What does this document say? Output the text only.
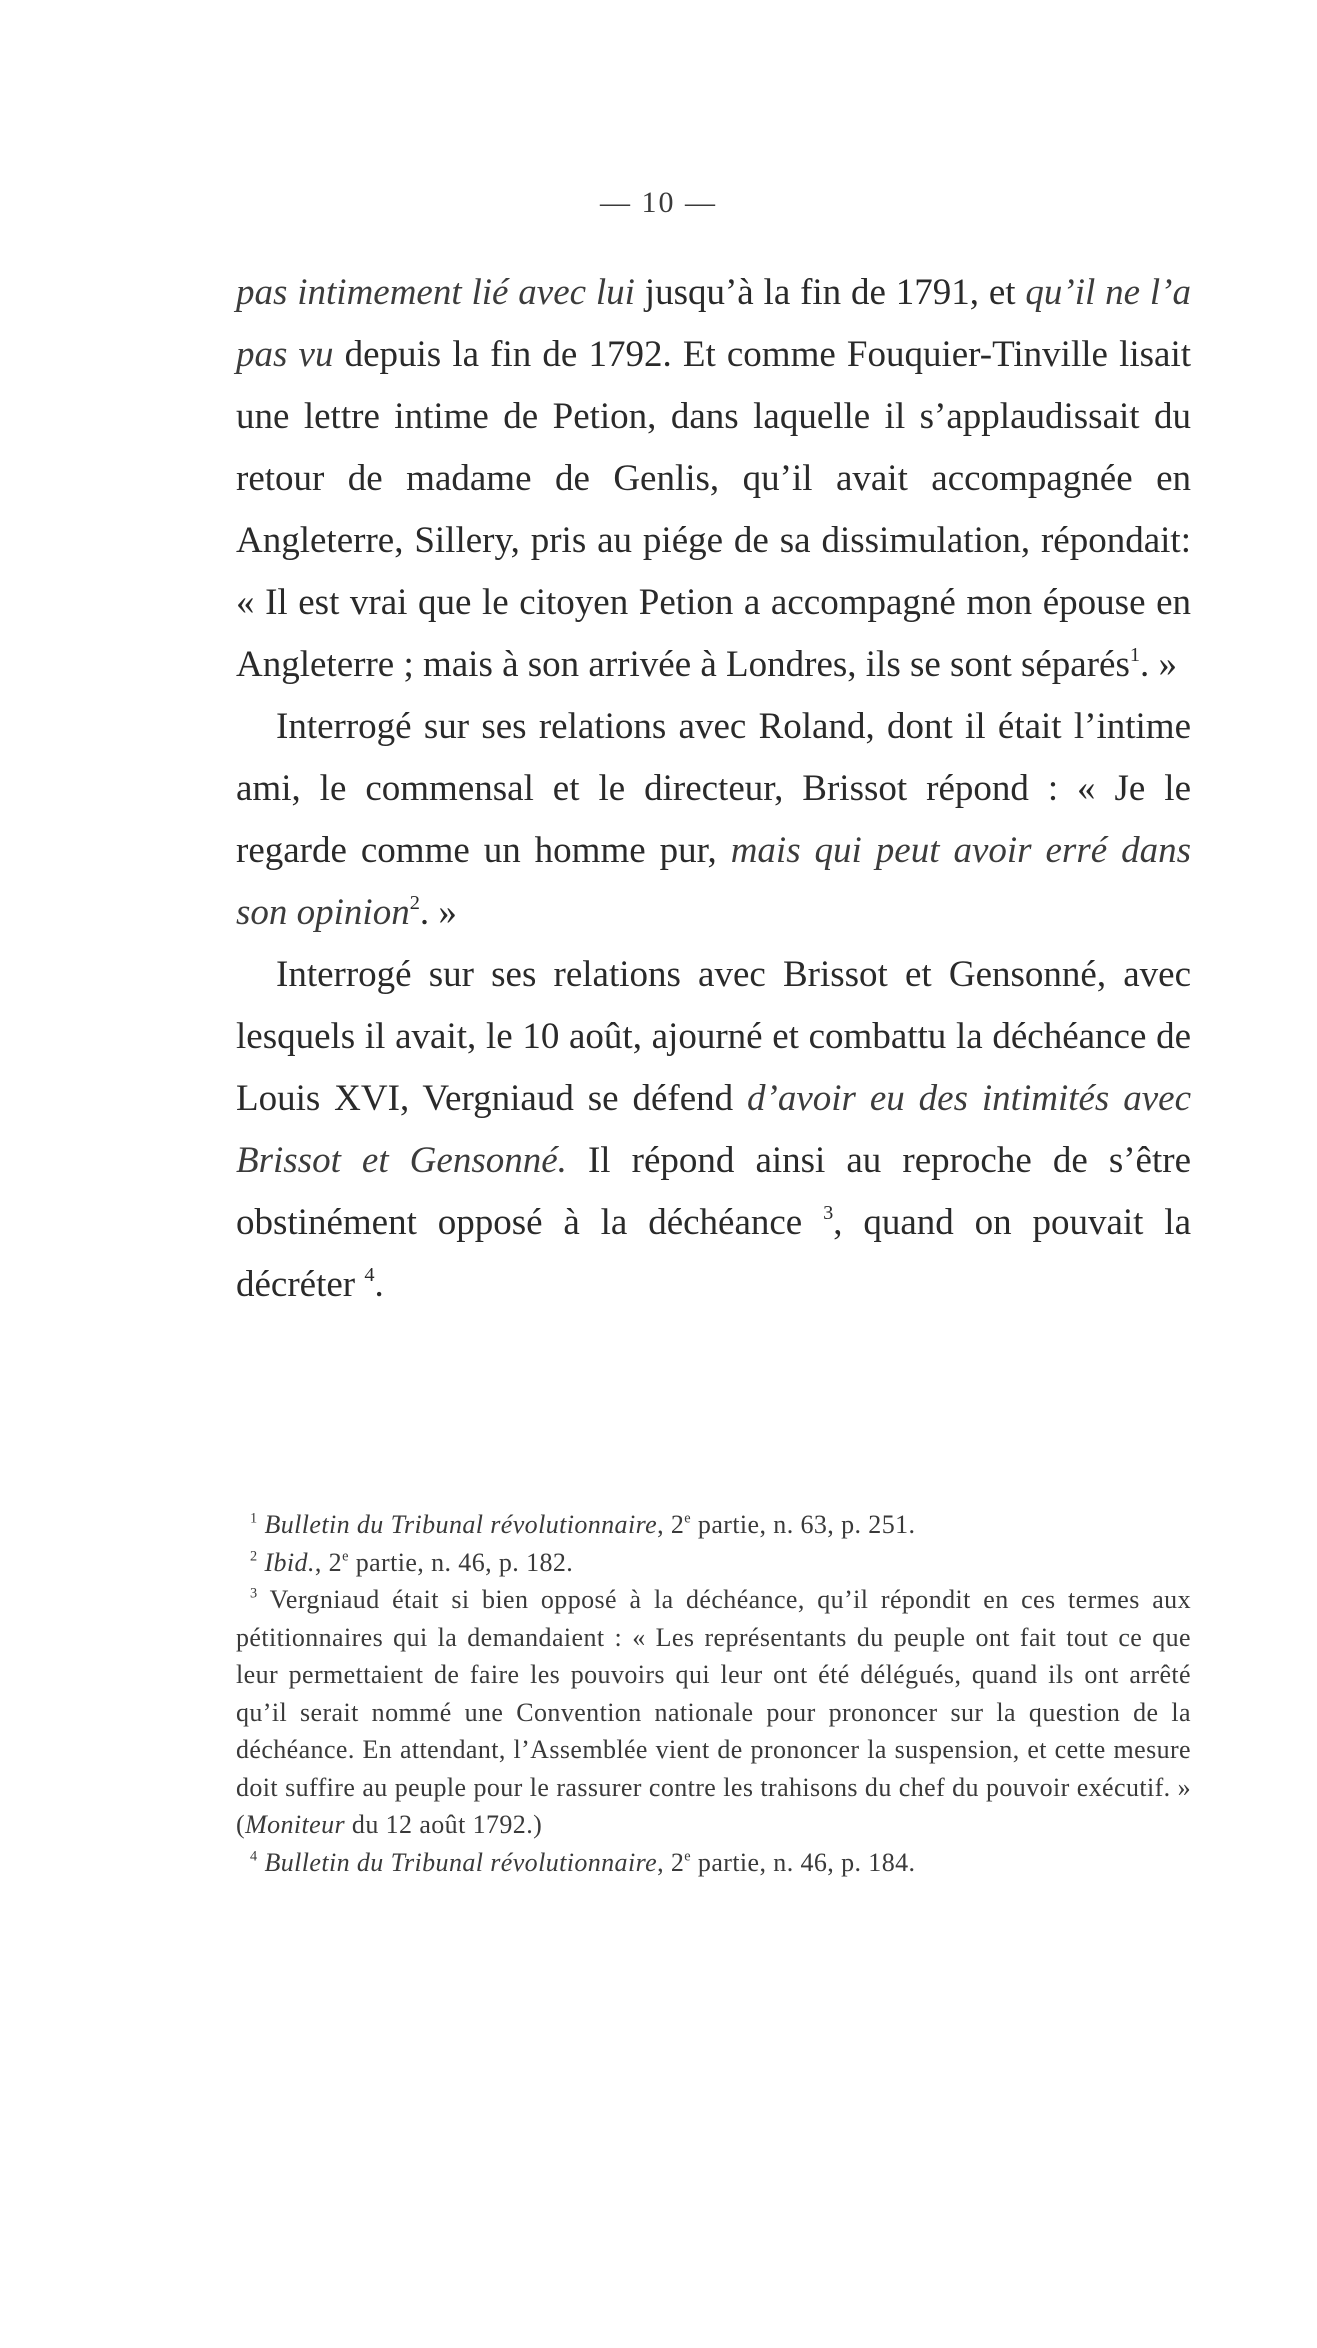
— 10 —

pas intimement lié avec lui jusqu’à la fin de 1791, et qu’il ne l’a pas vu depuis la fin de 1792. Et comme Fouquier-Tinville lisait une lettre intime de Petion, dans laquelle il s’applaudissait du retour de madame de Genlis, qu’il avait accompagnée en Angleterre, Sillery, pris au piége de sa dissimulation, répondait: « Il est vrai que le citoyen Petion a accompagné mon épouse en Angleterre ; mais à son arrivée à Londres, ils se sont séparés$^1$. »

Interrogé sur ses relations avec Roland, dont il était l’intime ami, le commensal et le directeur, Brissot répond : « Je le regarde comme un homme pur, mais qui peut avoir erré dans son opinion$^2$. »

Interrogé sur ses relations avec Brissot et Gensonné, avec lesquels il avait, le 10 août, ajourné et combattu la déchéance de Louis XVI, Vergniaud se défend d’avoir eu des intimités avec Brissot et Gensonné. Il répond ainsi au reproche de s’être obstinément opposé à la déchéance $^3$, quand on pouvait la décréter $^4$.

$^1$ Bulletin du Tribunal révolutionnaire, 2e partie, n. 63, p. 251.

$^2$ Ibid., 2e partie, n. 46, p. 182.

$^3$ Vergniaud était si bien opposé à la déchéance, qu’il répondit en ces termes aux pétitionnaires qui la demandaient : « Les représentants du peuple ont fait tout ce que leur permettaient de faire les pouvoirs qui leur ont été délégués, quand ils ont arrêté qu’il serait nommé une Convention nationale pour prononcer sur la question de la déchéance. En attendant, l’Assemblée vient de prononcer la suspension, et cette mesure doit suffire au peuple pour le rassurer contre les trahisons du chef du pouvoir exécutif. » (Moniteur du 12 août 1792.)

$^4$ Bulletin du Tribunal révolutionnaire, 2e partie, n. 46, p. 184.
